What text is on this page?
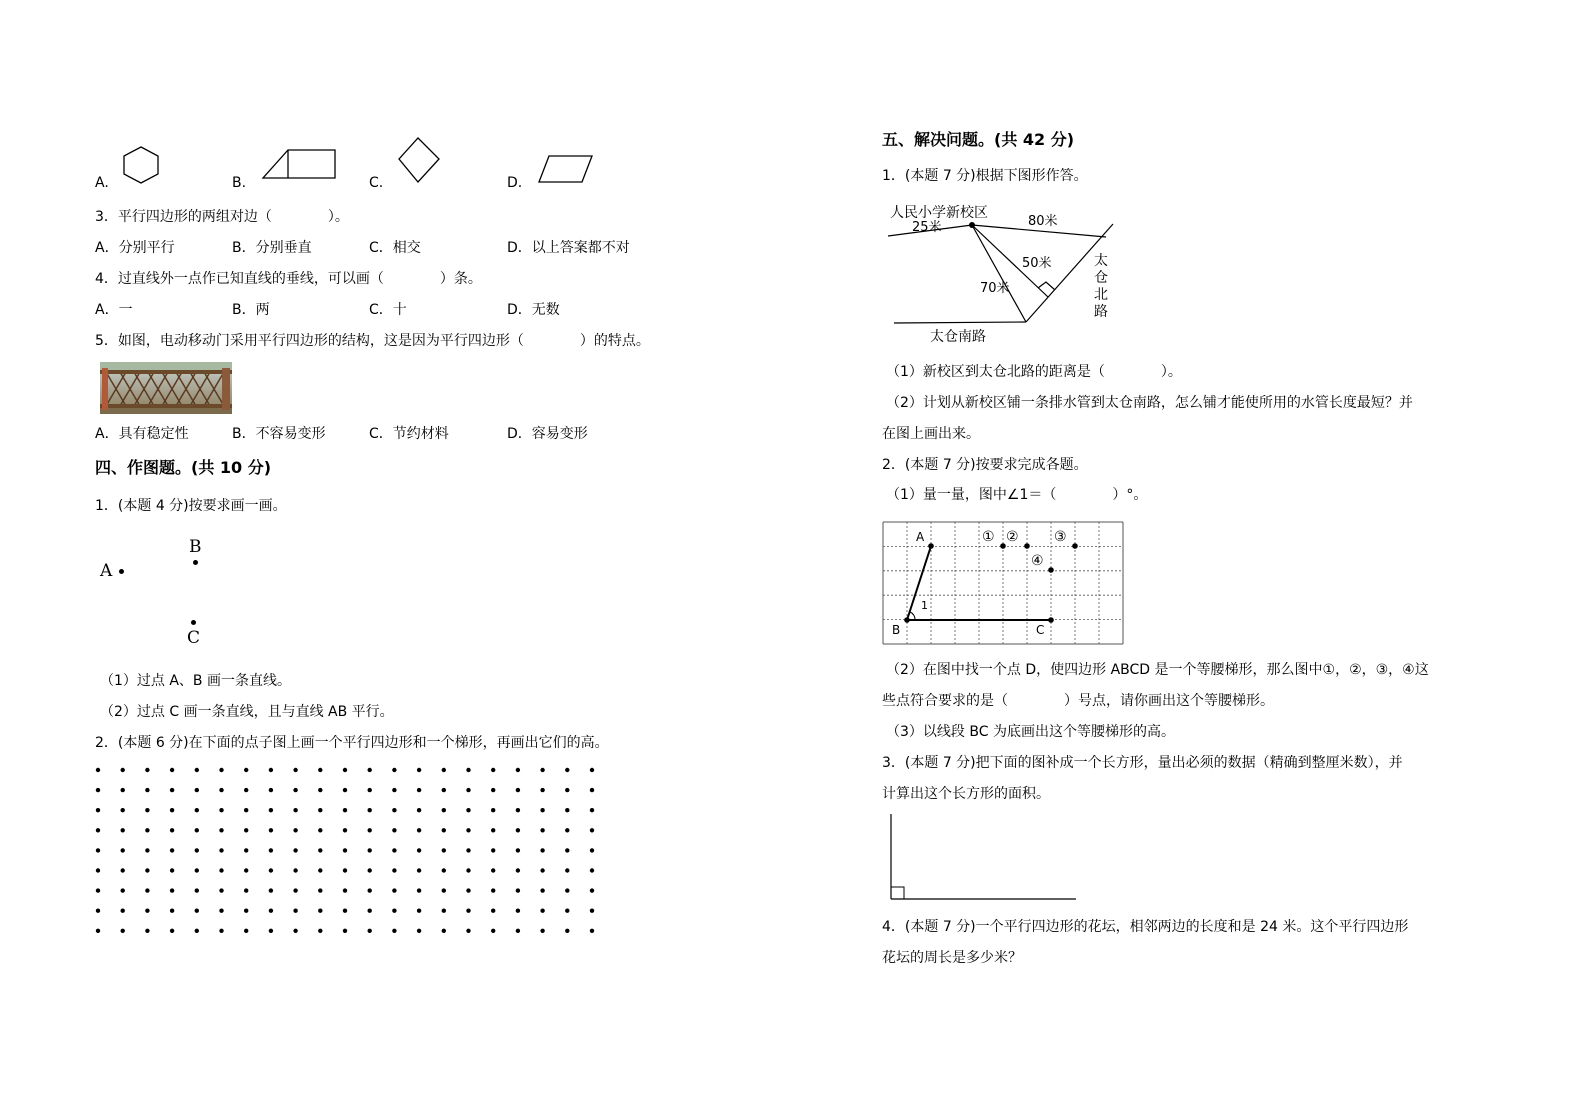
A.	B.	C.	D.
3．平行四边形的两组对边（　　　　）。
A．分别平行	B．分别垂直	C．相交	D．以上答案都不对
4．过直线外一点作已知直线的垂线，可以画（　　　　）条。
A．一	B．两	C．十	D．无数
5．如图，电动移动门采用平行四边形的结构，这是因为平行四边形（　　　　）的特点。
A．具有稳定性	B．不容易变形	C．节约材料	D．容易变形
四、作图题。(共 10 分)
1．(本题 4 分)按要求画一画。
A
B
C
（1）过点 A、B 画一条直线。
（2）过点 C 画一条直线，且与直线 AB 平行。
2．(本题 6 分)在下面的点子图上画一个平行四边形和一个梯形，再画出它们的高。
五、解决问题。(共 42 分)
1．(本题 7 分)根据下图形作答。
人民小学新校区
25米	80米
50米
70米
太
仓
北
路
太仓南路
（1）新校区到太仓北路的距离是（　　　　）。
（2）计划从新校区铺一条排水管到太仓南路，怎么铺才能使所用的水管长度最短？并
在图上画出来。
2．(本题 7 分)按要求完成各题。
（1）量一量，图中∠1＝（　　　　）°。
A
B	C
1
① ②	③
④
（2）在图中找一个点 D，使四边形 ABCD 是一个等腰梯形，那么图中①，②，③，④这
些点符合要求的是（　　　　）号点，请你画出这个等腰梯形。
（3）以线段 BC 为底画出这个等腰梯形的高。
3．(本题 7 分)把下面的图补成一个长方形，量出必须的数据（精确到整厘米数），并
计算出这个长方形的面积。
4．(本题 7 分)一个平行四边形的花坛，相邻两边的长度和是 24 米。这个平行四边形
花坛的周长是多少米？
